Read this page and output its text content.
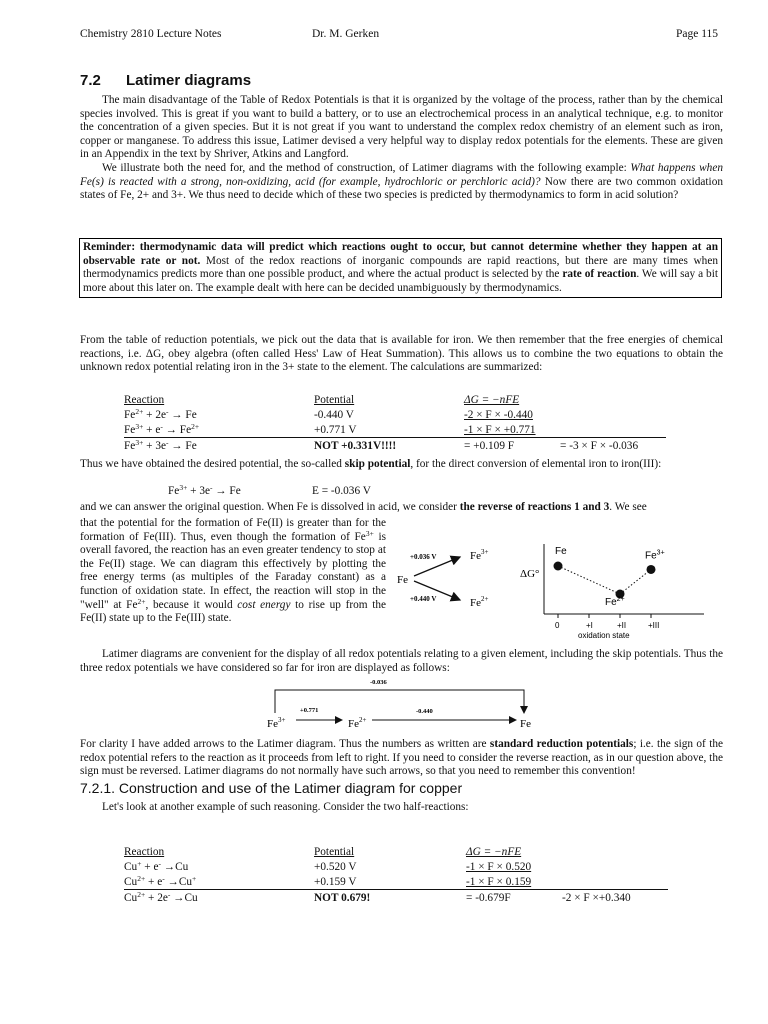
Chemistry 2810 Lecture Notes	Dr. M. Gerken	Page 115
7.2 Latimer diagrams

The main disadvantage of the Table of Redox Potentials is that it is organized by the voltage of the process, rather than by the chemical species involved. This is great if you want to build a battery, or to use an electrochemical process in an analytical technique, e.g. to monitor the concentration of a given species. But it is not great if you want to understand the complex redox chemistry of an element such as iron, copper or manganese. To address this issue, Latimer devised a very helpful way to display redox potentials for the elements. These are given in an Appendix in the text by Shriver, Atkins and Langford.

We illustrate both the need for, and the method of construction, of Latimer diagrams with the following example: What happens when Fe(s) is reacted with a strong, non-oxidizing, acid (for example, hydrochloric or perchloric acid)? Now there are two common oxidation states of Fe, 2+ and 3+. We thus need to decide which of these two species is predicted by thermodynamics to form in acid solution?

Reminder: thermodynamic data will predict which reactions ought to occur, but cannot determine whether they happen at an observable rate or not. Most of the redox reactions of inorganic compounds are rapid reactions, but there are many times when thermodynamics predicts more than one possible product, and where the actual product is selected by the rate of reaction. We will say a bit more about this later on. The example dealt with here can be decided unambiguously by thermodynamics.

From the table of reduction potentials, we pick out the data that is available for iron. We then remember that the free energies of chemical reactions, i.e. ΔG, obey algebra (often called Hess' Law of Heat Summation). This allows us to combine the two equations to obtain the unknown redox potential relating iron in the 3+ state to the element. The calculations are summarized:

Reaction	Potential	ΔG = −nFE	
$Fe^{2+} + 2e^- \to Fe$	-0.440 V	-2 × F × -0.440	
$Fe^{3+} + e^- \to Fe^{2+}$	+0.771 V	-1 × F × +0.771	
$Fe^{3+} + 3e^- \to Fe$	NOT +0.331V!!!!	= +0.109 F	= -3 × F × -0.036

Thus we have obtained the desired potential, the so-called skip potential, for the direct conversion of elemental iron to iron(III):

$Fe^{3+} + 3e^- \to Fe$	E = -0.036 V

and we can answer the original question. When Fe is dissolved in acid, we consider the reverse of reactions 1 and 3. We see

that the potential for the formation of Fe(II) is greater than for the formation of Fe(III). Thus, even though the formation of $Fe^{3+}$ is overall favored, the reaction has an even greater tendency to stop at the Fe(II) stage. We can diagram this effectively by plotting the free energy terms (as multiples of the Faraday constant) as a function of oxidation state. In effect, the reaction will stop in the "well" at $Fe^{2+}$, because it would cost energy to rise up from the Fe(II) state up to the Fe(III) state.

+0.036 V
Fe
+0.440 V
$Fe^{3+}$
$Fe^{2+}$
ΔG°
oxidation state
0	+I	+II	+III
Fe
$Fe^{2+}$
$Fe^{3+}$

Latimer diagrams are convenient for the display of all redox potentials relating to a given element, including the skip potentials. Thus the three redox potentials we have considered so far for iron are displayed as follows:

-0.036
+0.771	-0.440
$Fe^{3+}$	$Fe^{2+}$	Fe

For clarity I have added arrows to the Latimer diagram. Thus the numbers as written are standard reduction potentials; i.e. the sign of the redox potential refers to the reaction as it proceeds from left to right. If you need to consider the reverse reaction, as in our question above, the sign must be reversed. Latimer diagrams do not normally have such arrows, so that you need to remember this convention!

7.2.1. Construction and use of the Latimer diagram for copper

Let's look at another example of such reasoning. Consider the two half-reactions:

Reaction	Potential	ΔG = −nFE	
Cu+ + e- →Cu	+0.520 V	-1 × F × 0.520	
$Cu^{2+} + e^- \to Cu^+$	+0.159 V	-1 × F × 0.159	
$Cu^{2+} + 2e^- \to Cu$	NOT 0.679!	= -0.679F	-2 × F ×+0.340
